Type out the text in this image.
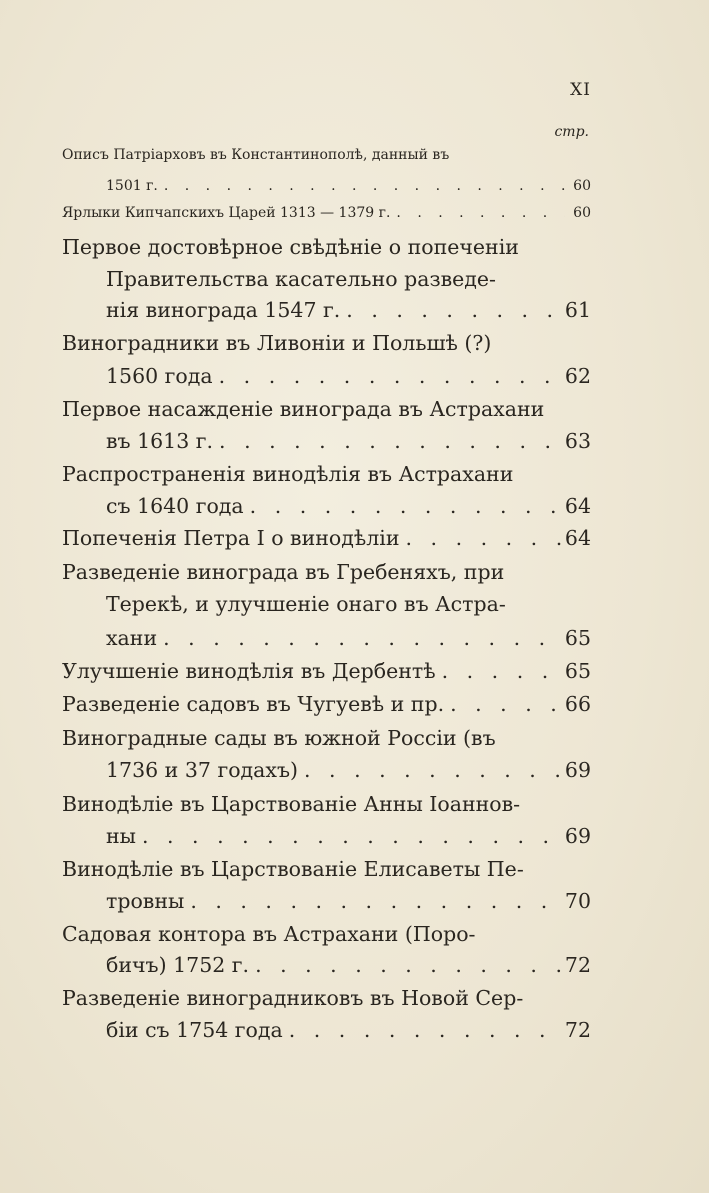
XI
стр.
Описъ Патріарховъ въ Константинополѣ, данный въ
1501 г. . . .	60
Ярлыки Кипчапскихъ Царей 1313 — 1379 г. . . .	60
Первое достовѣрное свѣдѣніе о попеченіи
Правительства касательно разведе-
нія винограда 1547 г. . . .	61
Виноградники въ Ливоніи и Польшѣ (?)
1560 года . . .	62
Первое насажденіе винограда въ Астрахани
въ 1613 г. . . .	63
Распространенія винодѣлія въ Астрахани
съ 1640 года . . .	64
Попеченія Петра I о винодѣліи . . .	64
Разведеніе винограда въ Гребеняхъ, при
Терекѣ, и улучшеніе онаго въ Астра-
хани . . .	65
Улучшеніе винодѣлія въ Дербентѣ . . .	65
Разведеніе садовъ въ Чугуевѣ и пр. . . .	66
Виноградные сады въ южной Россіи (въ
1736 и 37 годахъ) . . .	69
Винодѣліе въ Царствованіе Анны Іоаннов-
ны . . .	69
Винодѣліе въ Царствованіе Елисаветы Пе-
тровны . . .	70
Садовая контора въ Астрахани (Поро-
бичъ) 1752 г. . . .	72
Разведеніе виноградниковъ въ Новой Сер-
біи съ 1754 года . . .	72
